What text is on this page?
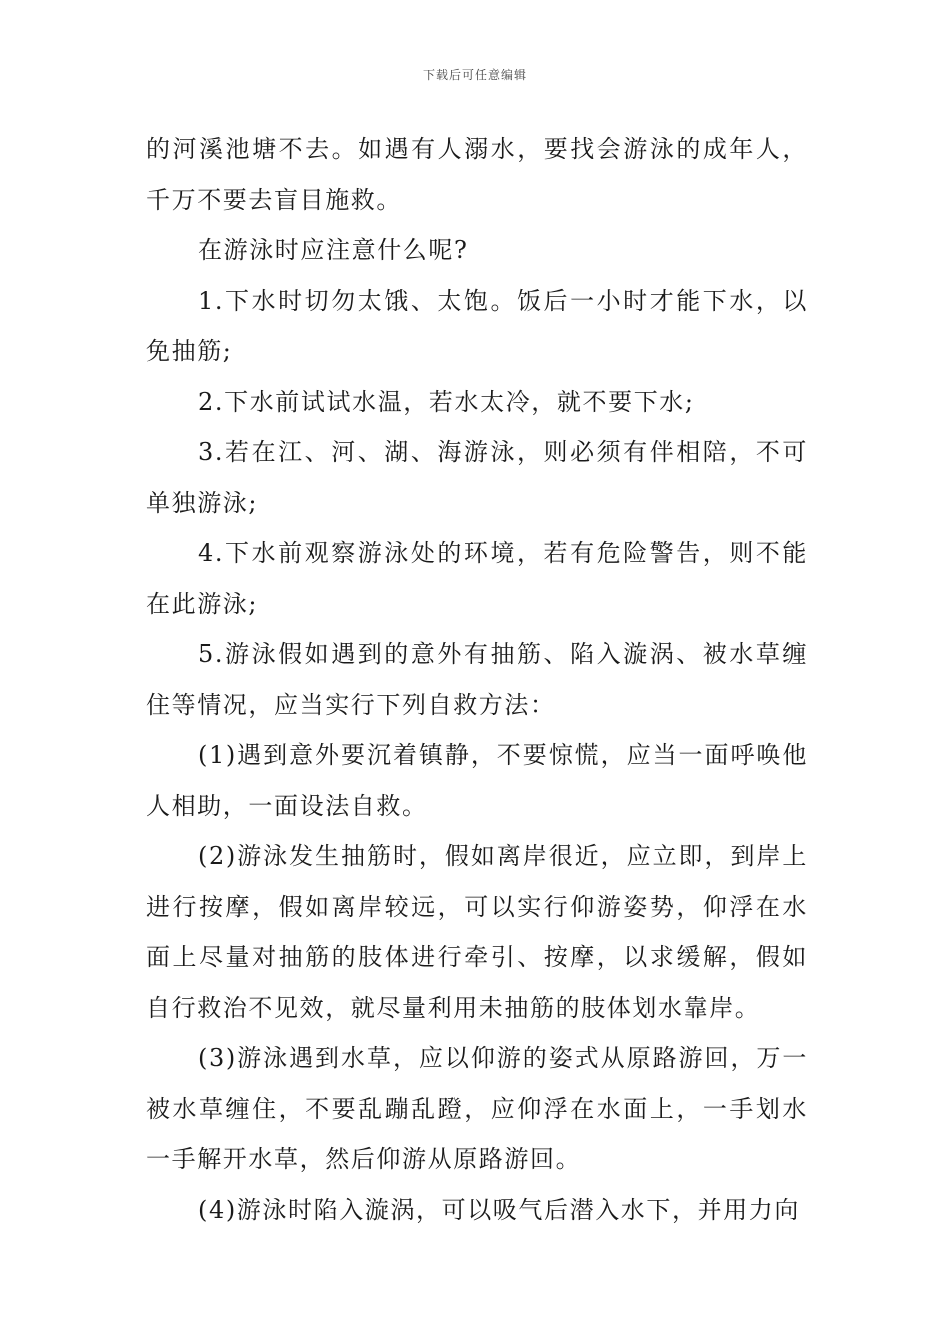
下载后可任意编辑

的河溪池塘不去。如遇有人溺水，要找会游泳的成年人，千万不要去盲目施救。

在游泳时应注意什么呢?

1.下水时切勿太饿、太饱。饭后一小时才能下水，以免抽筋;

2.下水前试试水温，若水太冷，就不要下水;

3.若在江、河、湖、海游泳，则必须有伴相陪，不可单独游泳;

4.下水前观察游泳处的环境，若有危险警告，则不能在此游泳;

5.游泳假如遇到的意外有抽筋、陷入漩涡、被水草缠住等情况，应当实行下列自救方法：

(1)遇到意外要沉着镇静，不要惊慌，应当一面呼唤他人相助，一面设法自救。

(2)游泳发生抽筋时，假如离岸很近，应立即，到岸上进行按摩，假如离岸较远，可以实行仰游姿势，仰浮在水面上尽量对抽筋的肢体进行牵引、按摩，以求缓解，假如自行救治不见效，就尽量利用未抽筋的肢体划水靠岸。

(3)游泳遇到水草，应以仰游的姿式从原路游回，万一被水草缠住，不要乱蹦乱蹬，应仰浮在水面上，一手划水一手解开水草，然后仰游从原路游回。

(4)游泳时陷入漩涡，可以吸气后潜入水下，并用力向
